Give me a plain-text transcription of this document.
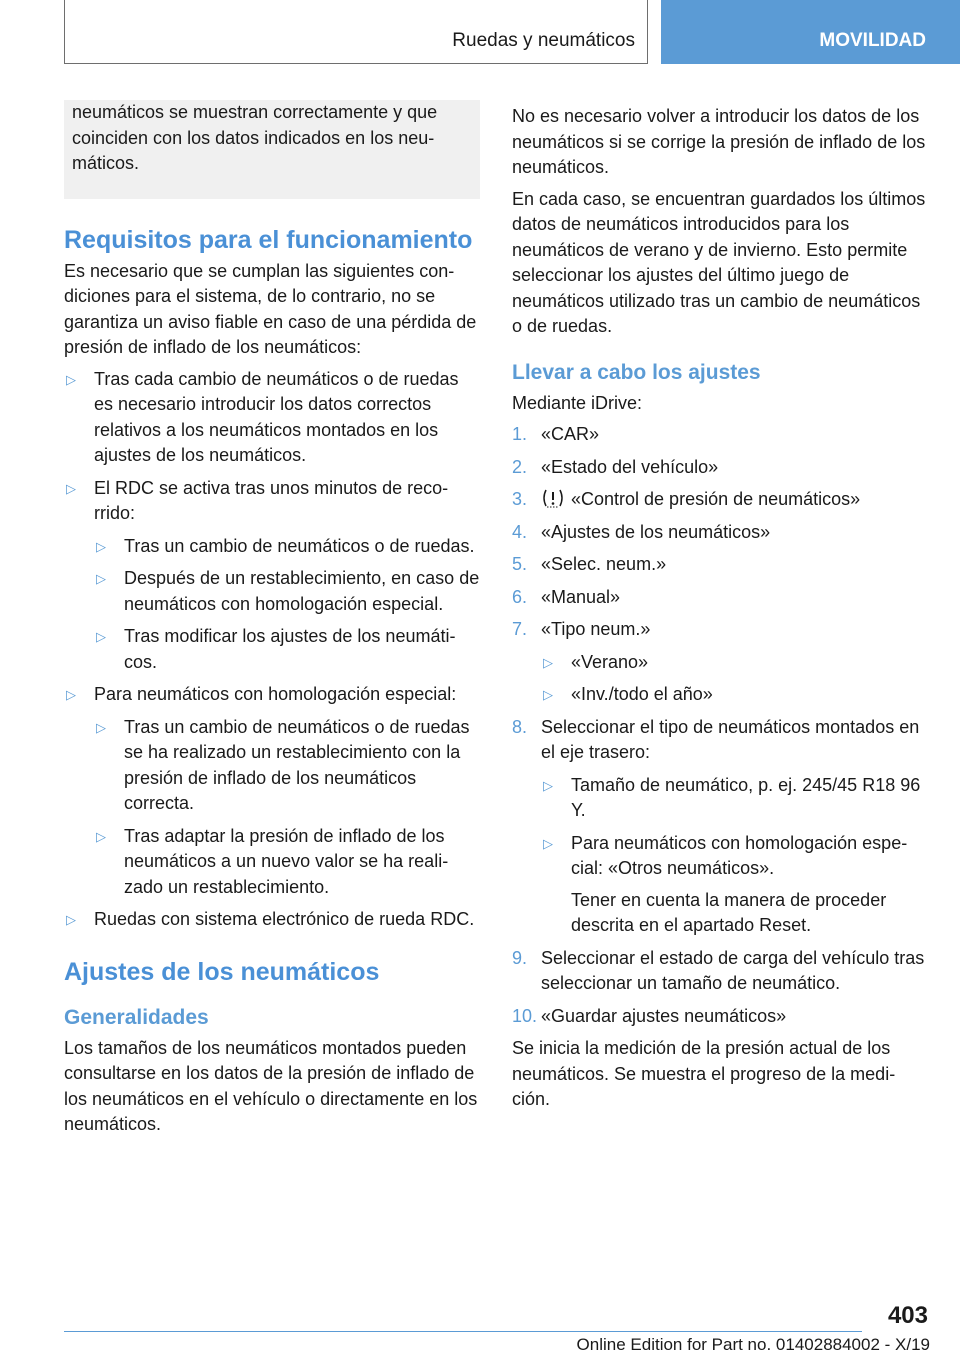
Ruedas y neumáticos	MOVILIDAD

neumáticos se muestran correctamente y que coinciden con los datos indicados en los neumáticos.

Requisitos para el funcionamiento

Es necesario que se cumplan las siguientes condiciones para el sistema, de lo contrario, no se garantiza un aviso fiable en caso de una pérdida de presión de inflado de los neumáticos:

▷ Tras cada cambio de neumáticos o de ruedas es necesario introducir los datos correctos relativos a los neumáticos montados en los ajustes de los neumáticos.
▷ El RDC se activa tras unos minutos de recorrido:
▷ Tras un cambio de neumáticos o de ruedas.
▷ Después de un restablecimiento, en caso de neumáticos con homologación especial.
▷ Tras modificar los ajustes de los neumáticos.
▷ Para neumáticos con homologación especial:
▷ Tras un cambio de neumáticos o de ruedas se ha realizado un restablecimiento con la presión de inflado de los neumáticos correcta.
▷ Tras adaptar la presión de inflado de los neumáticos a un nuevo valor se ha realizado un restablecimiento.
▷ Ruedas con sistema electrónico de rueda RDC.
Ajustes de los neumáticos
Generalidades

Los tamaños de los neumáticos montados pueden consultarse en los datos de la presión de inflado de los neumáticos en el vehículo o directamente en los neumáticos.

No es necesario volver a introducir los datos de los neumáticos si se corrige la presión de inflado de los neumáticos.

En cada caso, se encuentran guardados los últimos datos de neumáticos introducidos para los neumáticos de verano y de invierno. Esto permite seleccionar los ajustes del último juego de neumáticos utilizado tras un cambio de neumáticos o de ruedas.

Llevar a cabo los ajustes

Mediante iDrive:

1. «CAR»
2. «Estado del vehículo»
3. «Control de presión de neumáticos»
4. «Ajustes de los neumáticos»
5. «Selec. neum.»
6. «Manual»
7. «Tipo neum.»
▷ «Verano»
▷ «Inv./todo el año»
8. Seleccionar el tipo de neumáticos montados en el eje trasero:
▷ Tamaño de neumático, p. ej. 245/45 R18 96 Y.
▷ Para neumáticos con homologación especial: «Otros neumáticos».

Tener en cuenta la manera de proceder descrita en el apartado Reset.

9. Seleccionar el estado de carga del vehículo tras seleccionar un tamaño de neumático.
10. «Guardar ajustes neumáticos»

Se inicia la medición de la presión actual de los neumáticos. Se muestra el progreso de la medición.

403
Online Edition for Part no. 01402884002 - X/19
